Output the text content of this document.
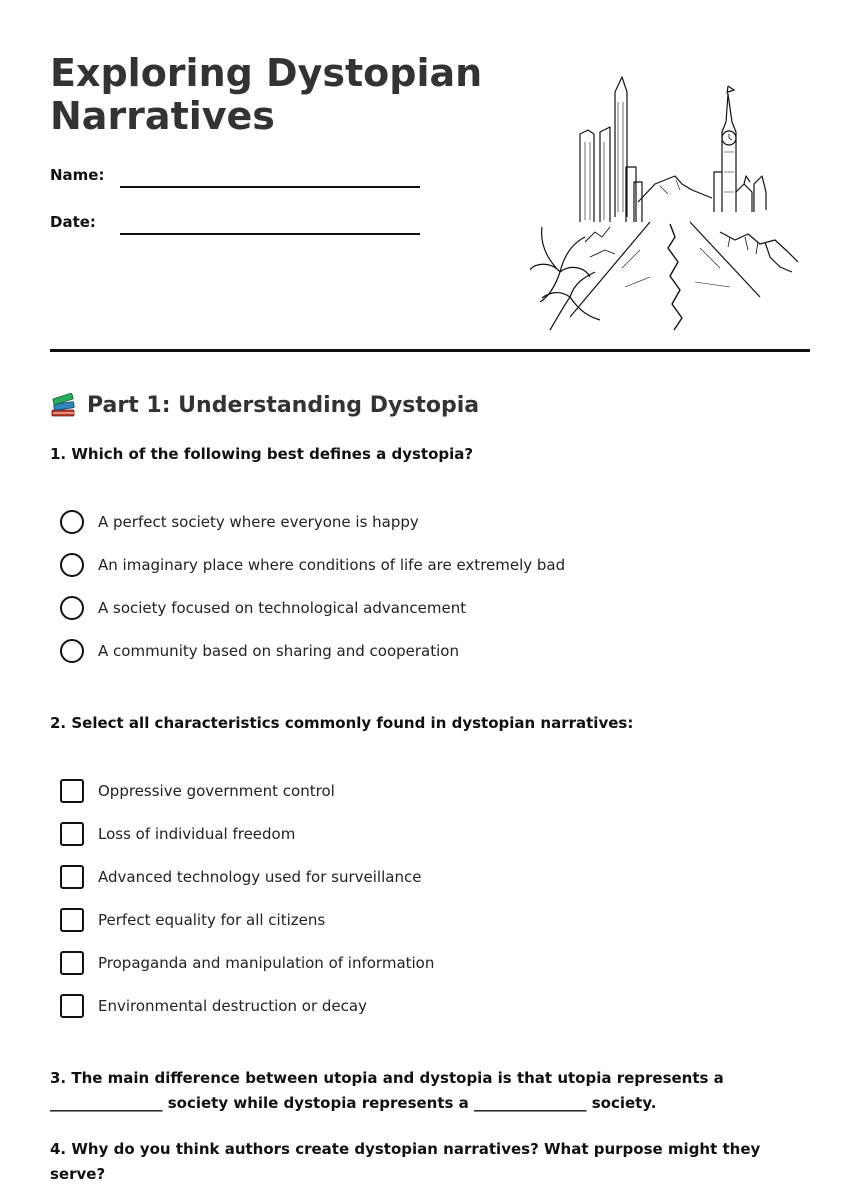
Exploring Dystopian Narratives
Name:
Date:
Part 1: Understanding Dystopia
1. Which of the following best defines a dystopia?
A perfect society where everyone is happy
An imaginary place where conditions of life are extremely bad
A society focused on technological advancement
A community based on sharing and cooperation
2. Select all characteristics commonly found in dystopian narratives:
Oppressive government control
Loss of individual freedom
Advanced technology used for surveillance
Perfect equality for all citizens
Propaganda and manipulation of information
Environmental destruction or decay
3. The main difference between utopia and dystopia is that utopia represents a _______________ society while dystopia represents a _______________ society.
4. Why do you think authors create dystopian narratives? What purpose might they serve?
